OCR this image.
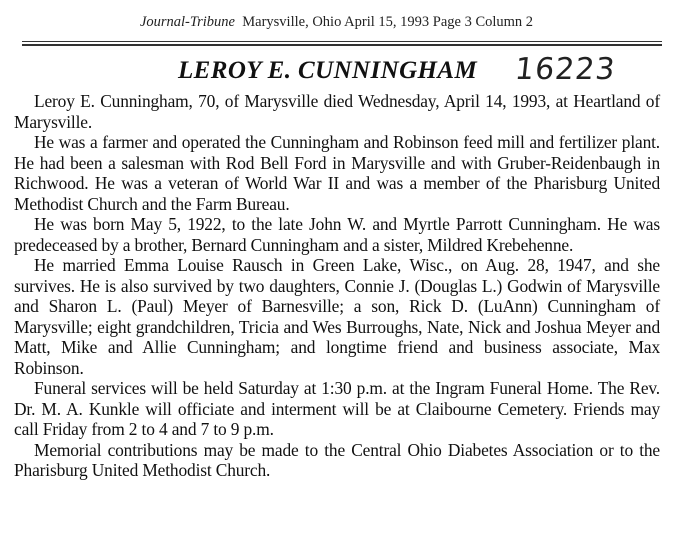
Journal-Tribune Marysville, Ohio April 15, 1993 Page 3 Column 2
LEROY E. CUNNINGHAM 16223

Leroy E. Cunningham, 70, of Marysville died Wednesday, April 14, 1993, at Heartland of Marysville.

He was a farmer and operated the Cunningham and Robinson feed mill and fertilizer plant. He had been a salesman with Rod Bell Ford in Marysville and with Gruber-Reidenbaugh in Richwood. He was a veteran of World War II and was a member of the Pharisburg United Methodist Church and the Farm Bureau.

He was born May 5, 1922, to the late John W. and Myrtle Parrott Cunningham. He was predeceased by a brother, Bernard Cunningham and a sister, Mildred Krebehenne.

He married Emma Louise Rausch in Green Lake, Wisc., on Aug. 28, 1947, and she survives. He is also survived by two daughters, Connie J. (Douglas L.) Godwin of Marysville and Sharon L. (Paul) Meyer of Barnesville; a son, Rick D. (LuAnn) Cunningham of Marysville; eight grandchildren, Tricia and Wes Burroughs, Nate, Nick and Joshua Meyer and Matt, Mike and Allie Cunningham; and longtime friend and business associate, Max Robinson.

Funeral services will be held Saturday at 1:30 p.m. at the Ingram Funeral Home. The Rev. Dr. M. A. Kunkle will officiate and interment will be at Claibourne Cemetery. Friends may call Friday from 2 to 4 and 7 to 9 p.m.

Memorial contributions may be made to the Central Ohio Diabetes Association or to the Pharisburg United Methodist Church.
